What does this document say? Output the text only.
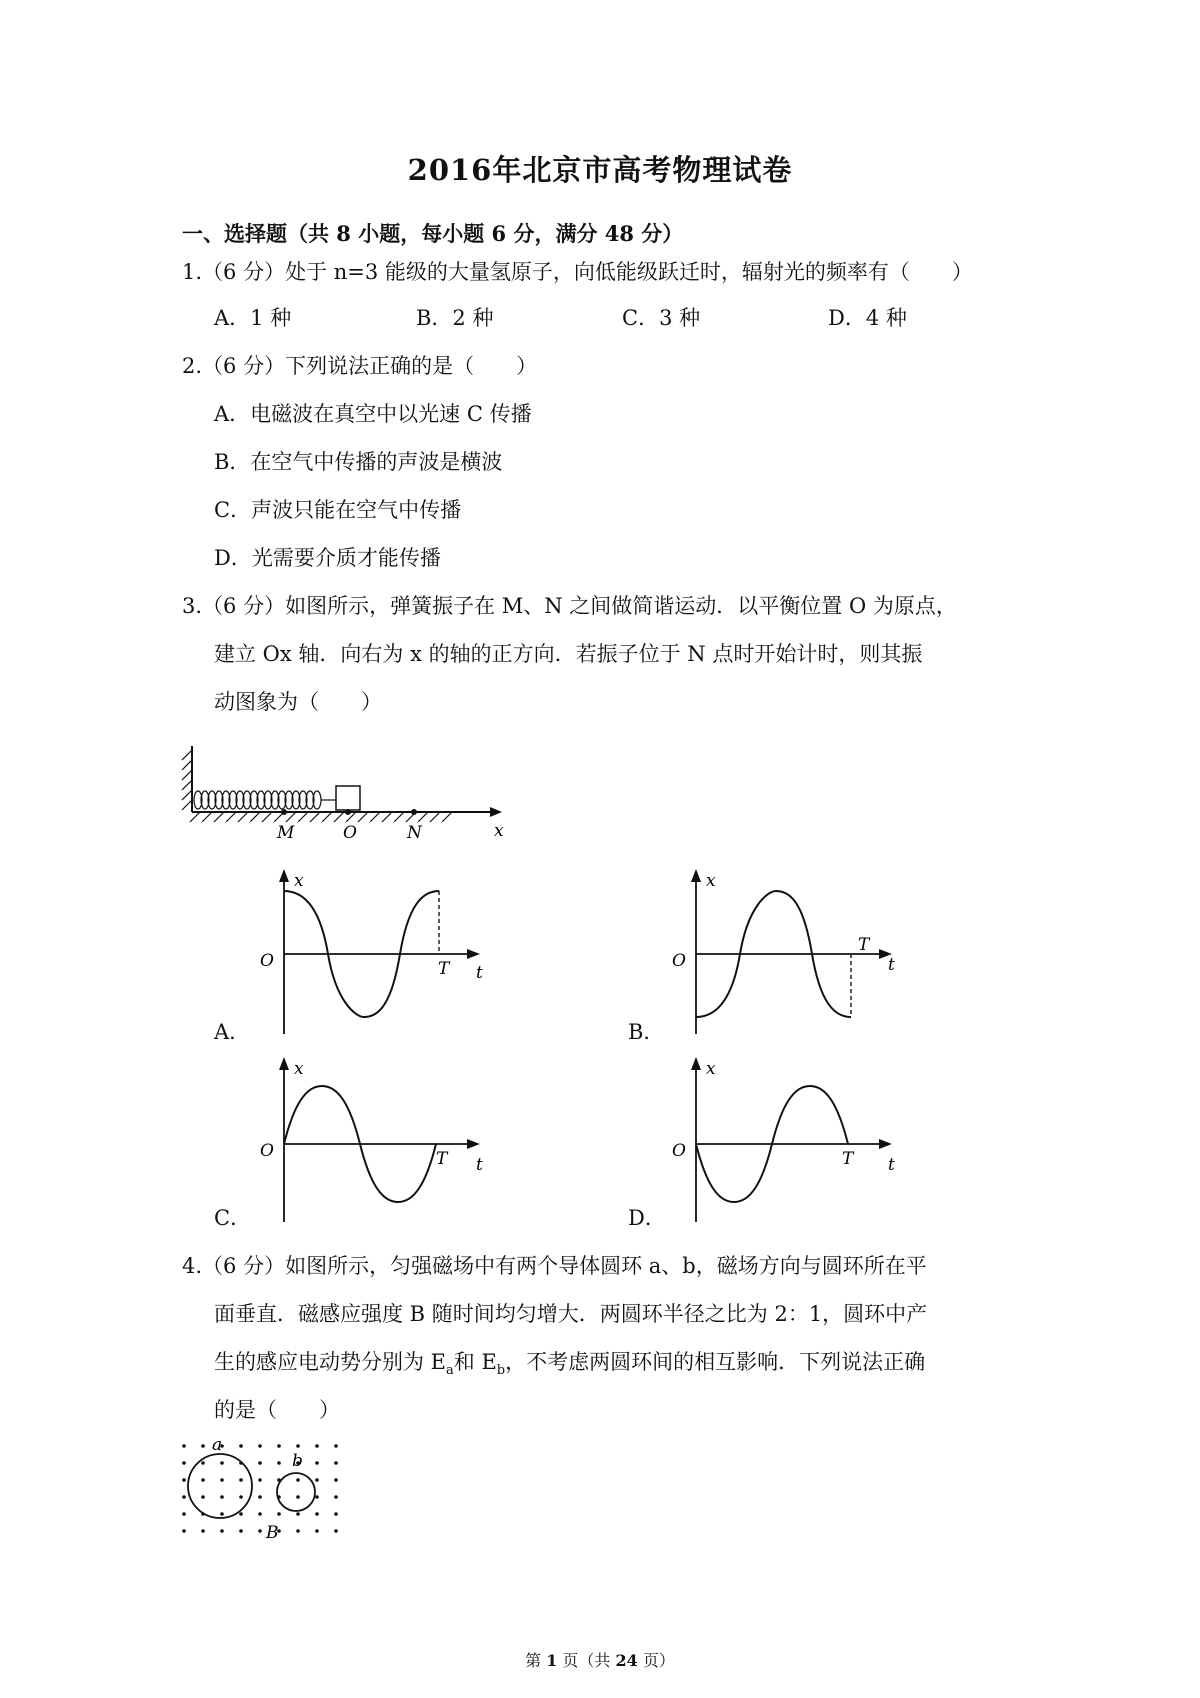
2016年北京市高考物理试卷
一、选择题（共 8 小题，每小题 6 分，满分 48 分）
1.（6 分）处于 n=3 能级的大量氢原子，向低能级跃迁时，辐射光的频率有（　　）
A．1 种	B．2 种	C．3 种	D．4 种
2.（6 分）下列说法正确的是（　　）
A．电磁波在真空中以光速 C 传播
B．在空气中传播的声波是横波
C．声波只能在空气中传播
D．光需要介质才能传播
3.（6 分）如图所示，弹簧振子在 M、N 之间做简谐运动．以平衡位置 O 为原点，
建立 Ox 轴．向右为 x 的轴的正方向．若振子位于 N 点时开始计时，则其振
动图象为（　　）
M	O	N	x
x
O	T t
A．
x
O
T
t
B．
x
O	T t
C．
x
O	T t
D．
4.（6 分）如图所示，匀强磁场中有两个导体圆环 a、b，磁场方向与圆环所在平
面垂直．磁感应强度 B 随时间均匀增大．两圆环半径之比为 2：1，圆环中产
生的感应电动势分别为 $E_a$和 $E_b$，不考虑两圆环间的相互影响．下列说法正确
的是（　　）
a
b
B
第 1 页（共 24 页）
